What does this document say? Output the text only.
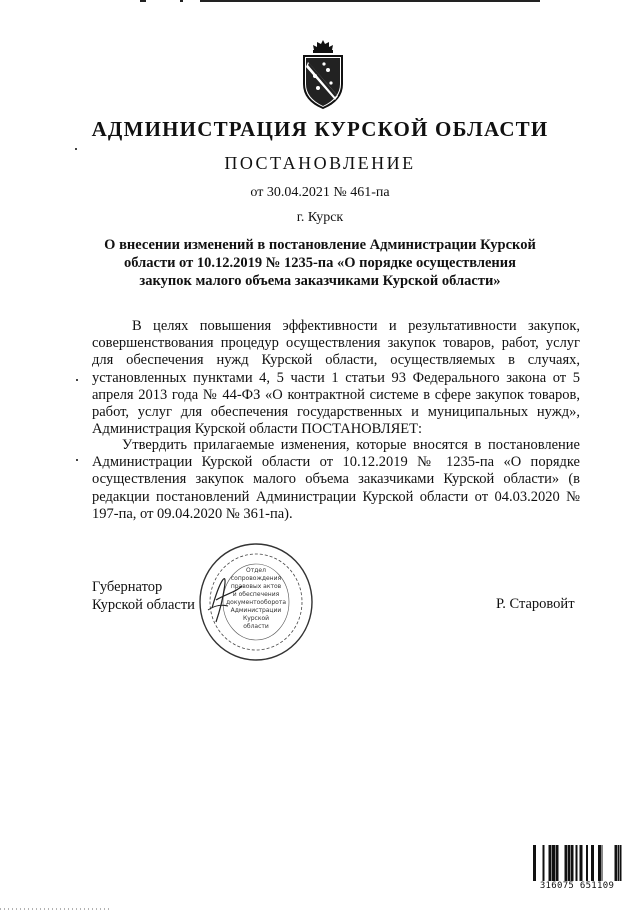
АДМИНИСТРАЦИЯ КУРСКОЙ ОБЛАСТИ
ПОСТАНОВЛЕНИЕ
от 30.04.2021 № 461-па
г. Курск
О внесении изменений в постановление Администрации Курской области от 10.12.2019 № 1235-па «О порядке осуществления закупок малого объема заказчиками Курской области»
В целях повышения эффективности и результативности закупок, совершенствования процедур осуществления закупок товаров, работ, услуг для обеспечения нужд Курской области, осуществляемых в случаях, установленных пунктами 4, 5 части 1 статьи 93 Федерального закона от 5 апреля 2013 года № 44-ФЗ «О контрактной системе в сфере закупок товаров, работ, услуг для обеспечения государственных и муниципальных нужд», Администрация Курской области ПОСТАНОВЛЯЕТ:
Утвердить прилагаемые изменения, которые вносятся в постановление Администрации Курской области от 10.12.2019 № 1235-па «О порядке осуществления закупок малого объема заказчиками Курской области» (в редакции постановлений Администрации Курской области от 04.03.2020 № 197-па, от 09.04.2020 № 361-па).
Отдел
сопровождения
правовых актов
и обеспечения
документооборота
Администрации
Курской
области
Губернатор
Курской области	Р. Старовойт
316075 651109
